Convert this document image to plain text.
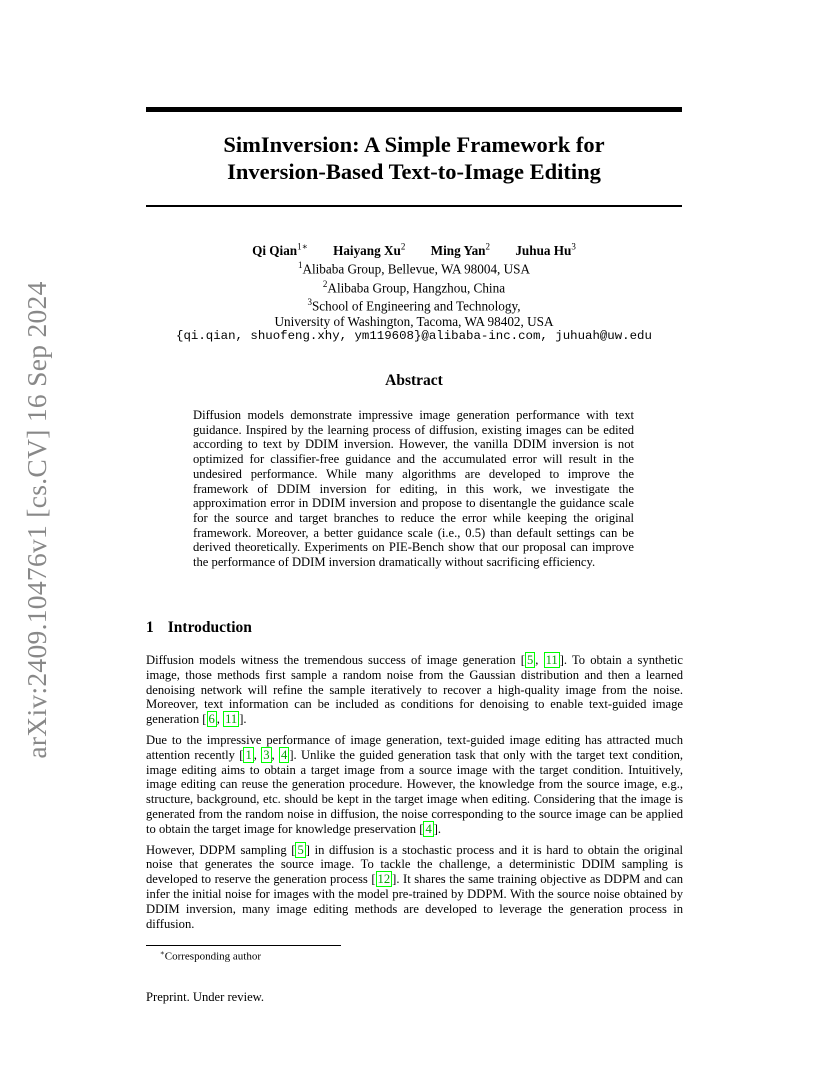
arXiv:2409.10476v1 [cs.CV] 16 Sep 2024
SimInversion: A Simple Framework for
Inversion-Based Text-to-Image Editing
Qi Qian$^{1∗}$ Haiyang Xu$^2$ Ming Yan$^2$ Juhua Hu$^3$
$^1$Alibaba Group, Bellevue, WA 98004, USA
$^2$Alibaba Group, Hangzhou, China
$^3$School of Engineering and Technology,
University of Washington, Tacoma, WA 98402, USA
{qi.qian, shuofeng.xhy, ym119608}@alibaba-inc.com, juhuah@uw.edu
Abstract
Diffusion models demonstrate impressive image generation performance with text guidance. Inspired by the learning process of diffusion, existing images can be edited according to text by DDIM inversion. However, the vanilla DDIM inversion is not optimized for classifier-free guidance and the accumulated error will result in the undesired performance. While many algorithms are developed to improve the framework of DDIM inversion for editing, in this work, we investigate the approximation error in DDIM inversion and propose to disentangle the guidance scale for the source and target branches to reduce the error while keeping the original framework. Moreover, a better guidance scale (i.e., 0.5) than default settings can be derived theoretically. Experiments on PIE-Bench show that our proposal can improve the performance of DDIM inversion dramatically without sacrificing efficiency.
1 Introduction

Diffusion models witness the tremendous success of image generation [ 5 , 11 ]. To obtain a synthetic image, those methods first sample a random noise from the Gaussian distribution and then a learned denoising network will refine the sample iteratively to recover a high-quality image from the noise. Moreover, text information can be included as conditions for denoising to enable text-guided image generation [ 6 , 11 ].

Due to the impressive performance of image generation, text-guided image editing has attracted much attention recently [ 1 , 3 , 4 ]. Unlike the guided generation task that only with the target text condition, image editing aims to obtain a target image from a source image with the target condition. Intuitively, image editing can reuse the generation procedure. However, the knowledge from the source image, e.g., structure, background, etc. should be kept in the target image when editing. Considering that the image is generated from the random noise in diffusion, the noise corresponding to the source image can be applied to obtain the target image for knowledge preservation [ 4 ].

However, DDPM sampling [ 5 ] in diffusion is a stochastic process and it is hard to obtain the original noise that generates the source image. To tackle the challenge, a deterministic DDIM sampling is developed to reserve the generation process [ 12 ]. It shares the same training objective as DDPM and can infer the initial noise for images with the model pre-trained by DDPM. With the source noise obtained by DDIM inversion, many image editing methods are developed to leverage the generation process in diffusion.

∗Corresponding author
Preprint. Under review.
